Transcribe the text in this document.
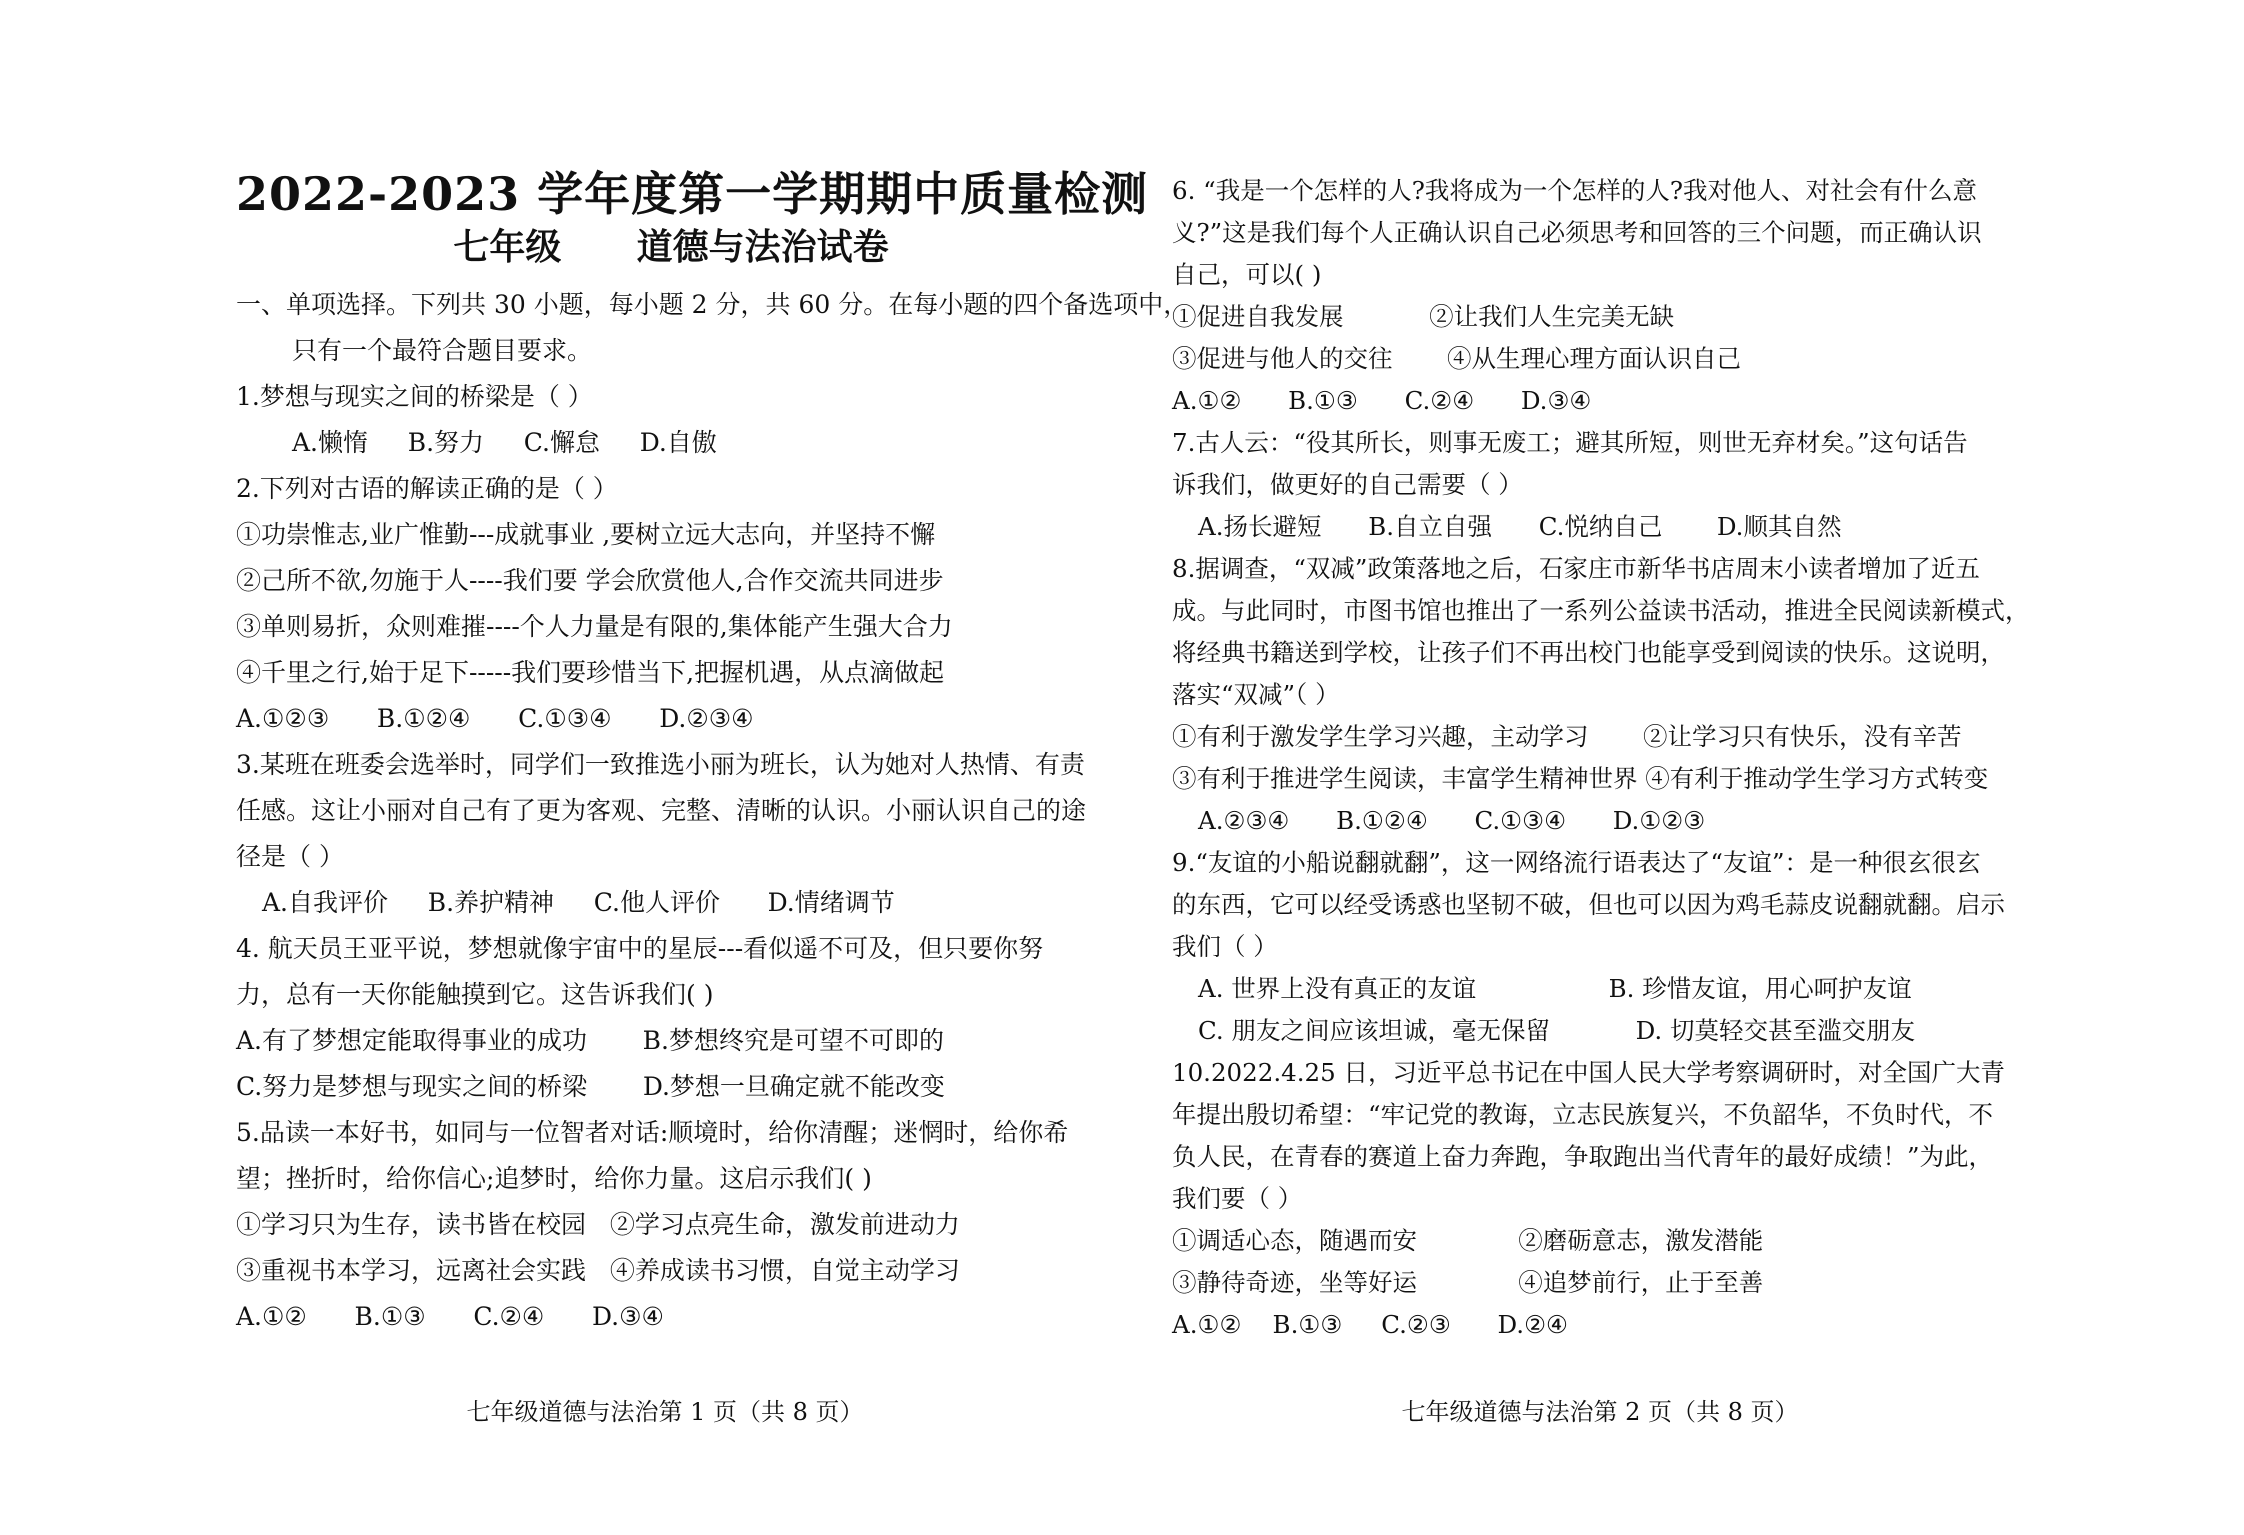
2022-2023 学年度第一学期期中质量检测
七年级      道德与法治试卷
一、单项选择。下列共 30 小题，每小题 2 分，共 60 分。在每小题的四个备选项中，
只有一个最符合题目要求。
1.梦想与现实之间的桥梁是（ ）
A.懒惰     B.努力     C.懈怠     D.自傲
2.下列对古语的解读正确的是（ ）
①功崇惟志,业广惟勤---成就事业 ,要树立远大志向，并坚持不懈
②己所不欲,勿施于人----我们要 学会欣赏他人,合作交流共同进步
③单则易折，众则难摧----个人力量是有限的,集体能产生强大合力
④千里之行,始于足下-----我们要珍惜当下,把握机遇，从点滴做起
A.①②③      B.①②④      C.①③④      D.②③④
3.某班在班委会选举时，同学们一致推选小丽为班长，认为她对人热情、有责
任感。这让小丽对自己有了更为客观、完整、清晰的认识。小丽认识自己的途
径是（ ）
A.自我评价     B.养护精神     C.他人评价      D.情绪调节
4. 航天员王亚平说，梦想就像宇宙中的星辰---看似遥不可及，但只要你努
力，总有一天你能触摸到它。这告诉我们( )
A.有了梦想定能取得事业的成功       B.梦想终究是可望不可即的
C.努力是梦想与现实之间的桥梁       D.梦想一旦确定就不能改变
5.品读一本好书，如同与一位智者对话:顺境时，给你清醒；迷惘时，给你希
望；挫折时，给你信心;追梦时，给你力量。这启示我们( )
①学习只为生存，读书皆在校园   ②学习点亮生命，激发前进动力
③重视书本学习，远离社会实践   ④养成读书习惯，自觉主动学习
A.①②      B.①③      C.②④      D.③④
七年级道德与法治第 1 页（共 8 页）
6. “我是一个怎样的人?我将成为一个怎样的人?我对他人、对社会有什么意
义?”这是我们每个人正确认识自己必须思考和回答的三个问题，而正确认识
自己，可以( )
①促进自我发展           ②让我们人生完美无缺
③促进与他人的交往       ④从生理心理方面认识自己
A.①②      B.①③      C.②④      D.③④
7.古人云：“役其所长，则事无废工；避其所短，则世无弃材矣。”这句话告
诉我们，做更好的自己需要（ ）
A.扬长避短      B.自立自强      C.悦纳自己       D.顺其自然
8.据调查，“双减”政策落地之后，石家庄市新华书店周末小读者增加了近五
成。与此同时，市图书馆也推出了一系列公益读书活动，推进全民阅读新模式，
将经典书籍送到学校，让孩子们不再出校门也能享受到阅读的快乐。这说明，
落实“双减”（ ）
①有利于激发学生学习兴趣，主动学习       ②让学习只有快乐，没有辛苦
③有利于推进学生阅读，丰富学生精神世界 ④有利于推动学生学习方式转变
A.②③④      B.①②④      C.①③④      D.①②③
9.“友谊的小船说翻就翻”，这一网络流行语表达了“友谊”：是一种很玄很玄
的东西，它可以经受诱惑也坚韧不破，但也可以因为鸡毛蒜皮说翻就翻。启示
我们（ ）
A. 世界上没有真正的友谊                 B. 珍惜友谊，用心呵护友谊
C. 朋友之间应该坦诚，毫无保留           D. 切莫轻交甚至滥交朋友
10.2022.4.25 日，习近平总书记在中国人民大学考察调研时，对全国广大青
年提出殷切希望：“牢记党的教诲，立志民族复兴，不负韶华，不负时代，不
负人民，在青春的赛道上奋力奔跑，争取跑出当代青年的最好成绩！”为此，
我们要（ ）
①调适心态，随遇而安             ②磨砺意志，激发潜能
③静待奇迹，坐等好运             ④追梦前行，止于至善
A.①②    B.①③     C.②③      D.②④
七年级道德与法治第 2 页（共 8 页）
